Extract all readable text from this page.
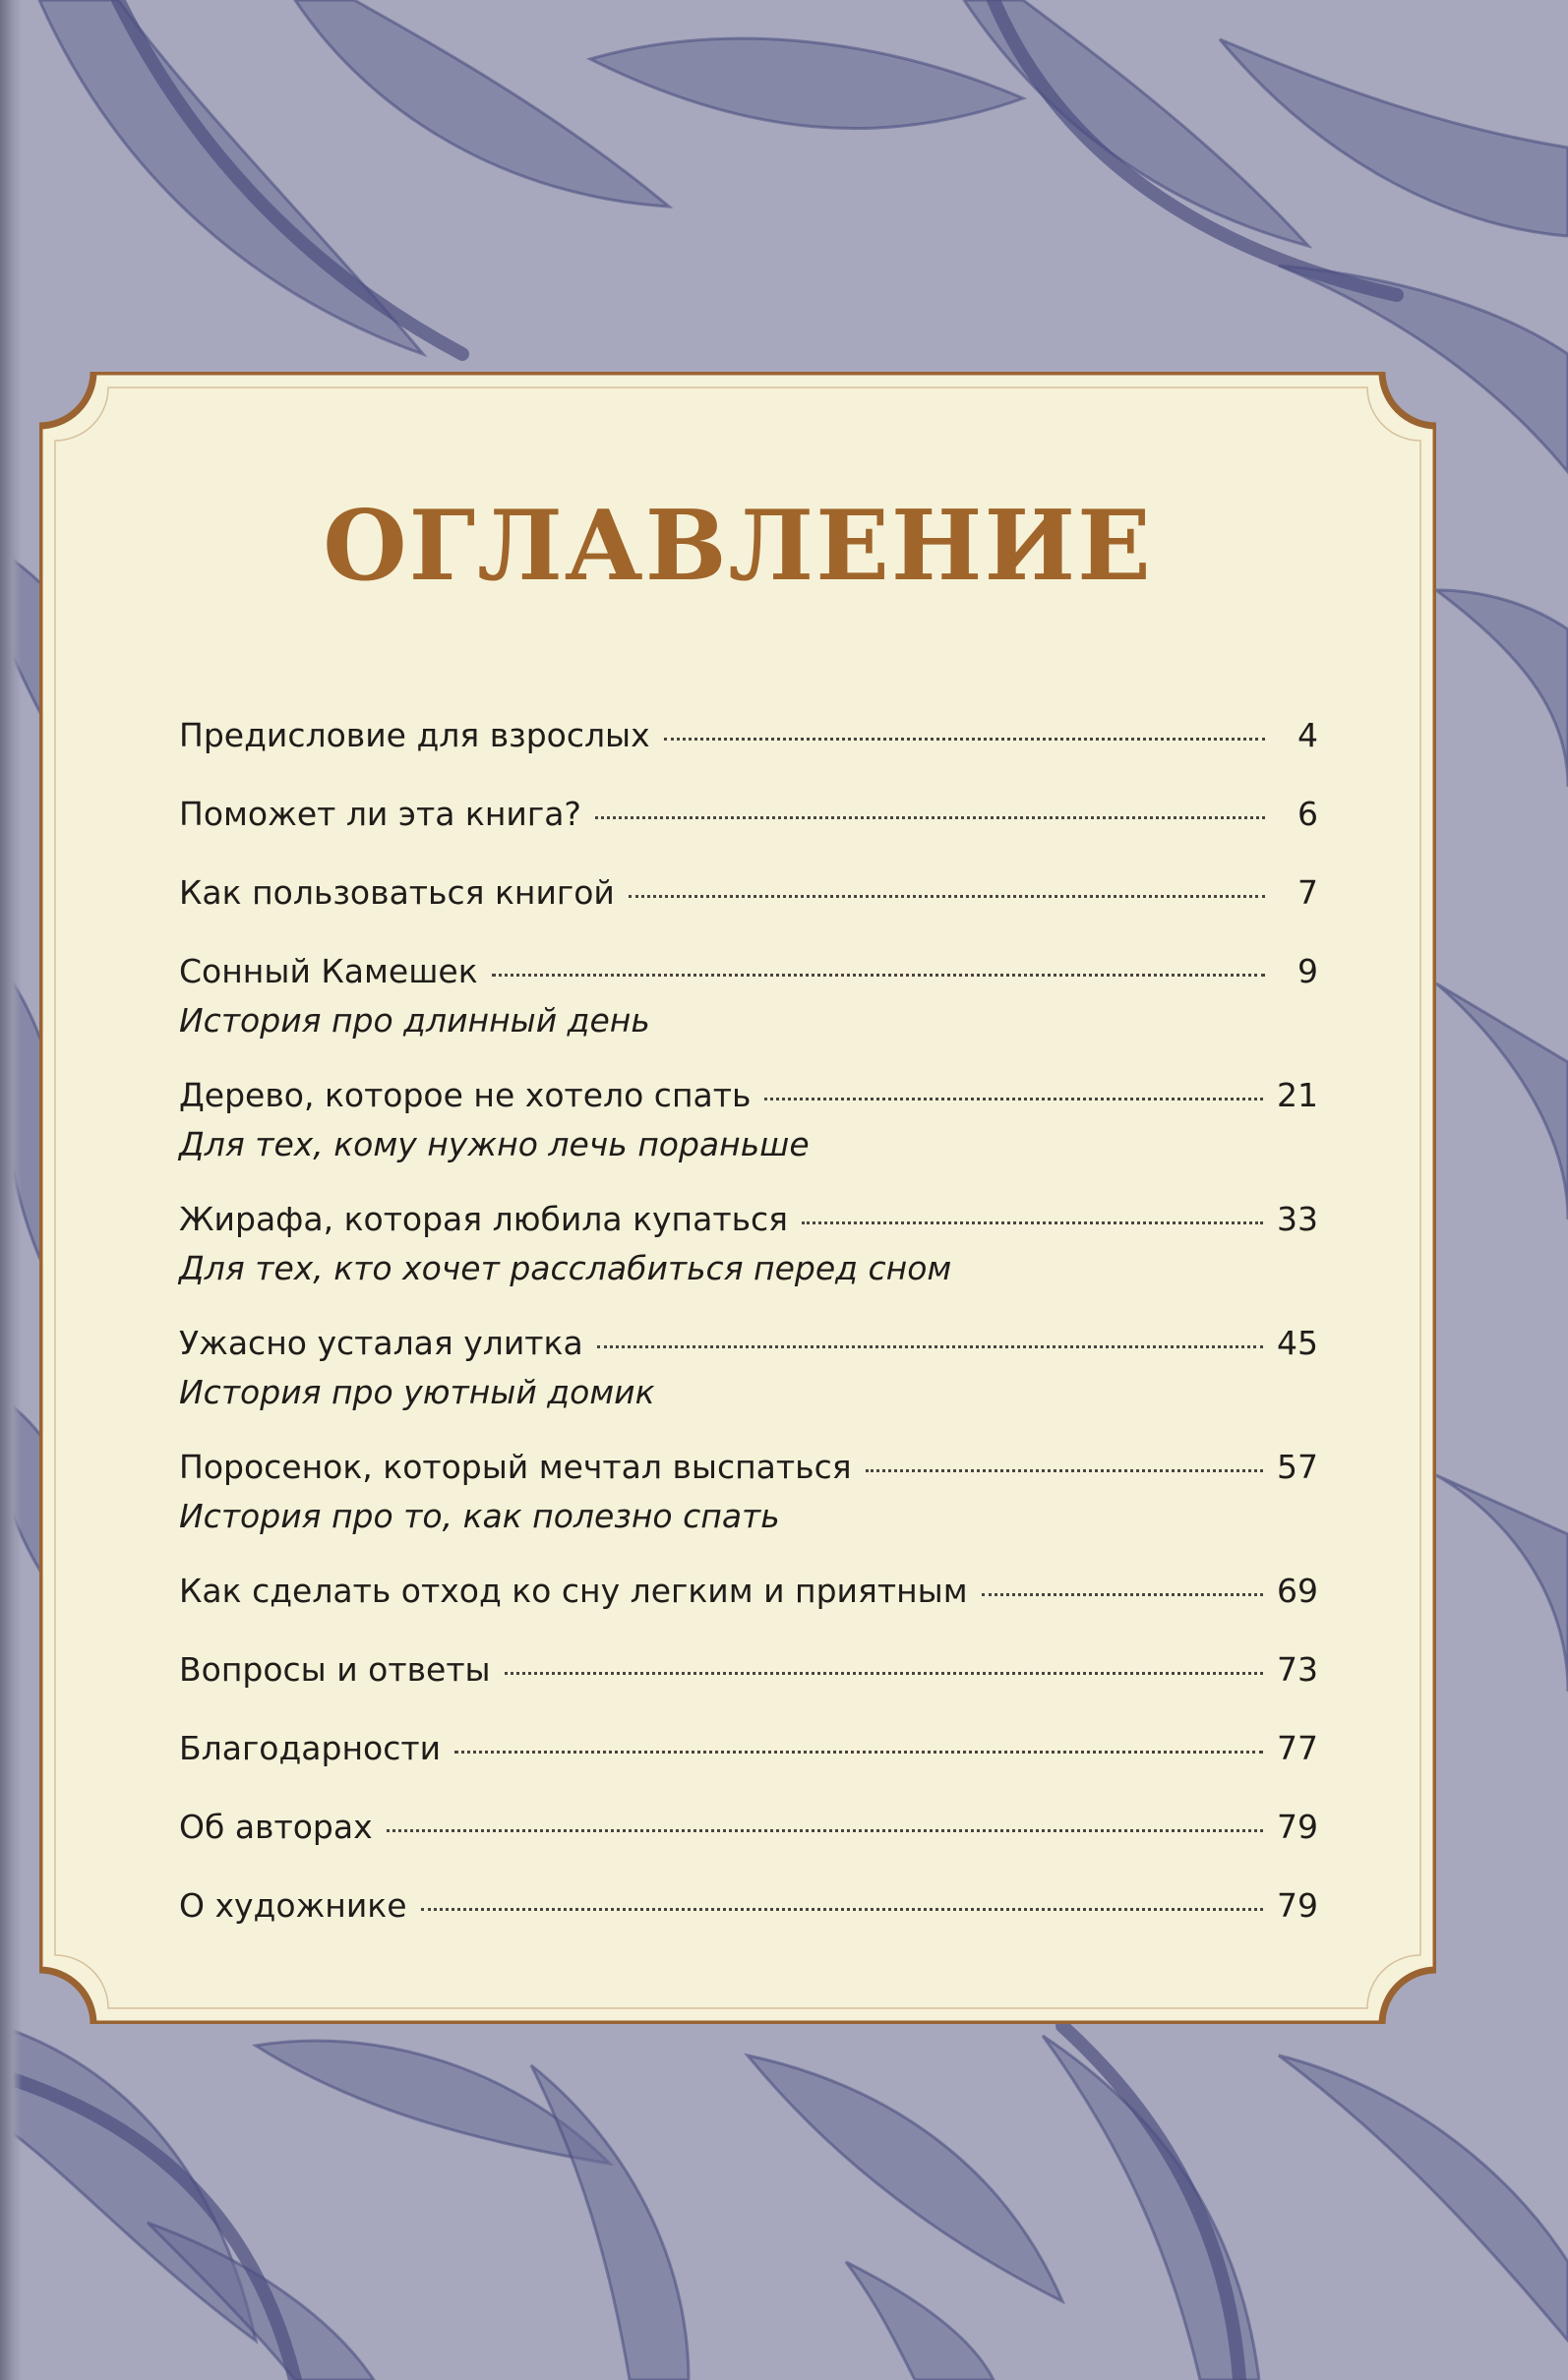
ОГЛАВЛЕНИЕ
Предисловие для взрослых	4
Поможет ли эта книга?	6
Как пользоваться книгой	7
Сонный Камешек	9
История про длинный день
Дерево, которое не хотело спать	21
Для тех, кому нужно лечь пораньше
Жирафа, которая любила купаться	33
Для тех, кто хочет расслабиться перед сном
Ужасно усталая улитка	45
История про уютный домик
Поросенок, который мечтал выспаться	57
История про то, как полезно спать
Как сделать отход ко сну легким и приятным	69
Вопросы и ответы	73
Благодарности	77
Об авторах	79
О художнике	79
